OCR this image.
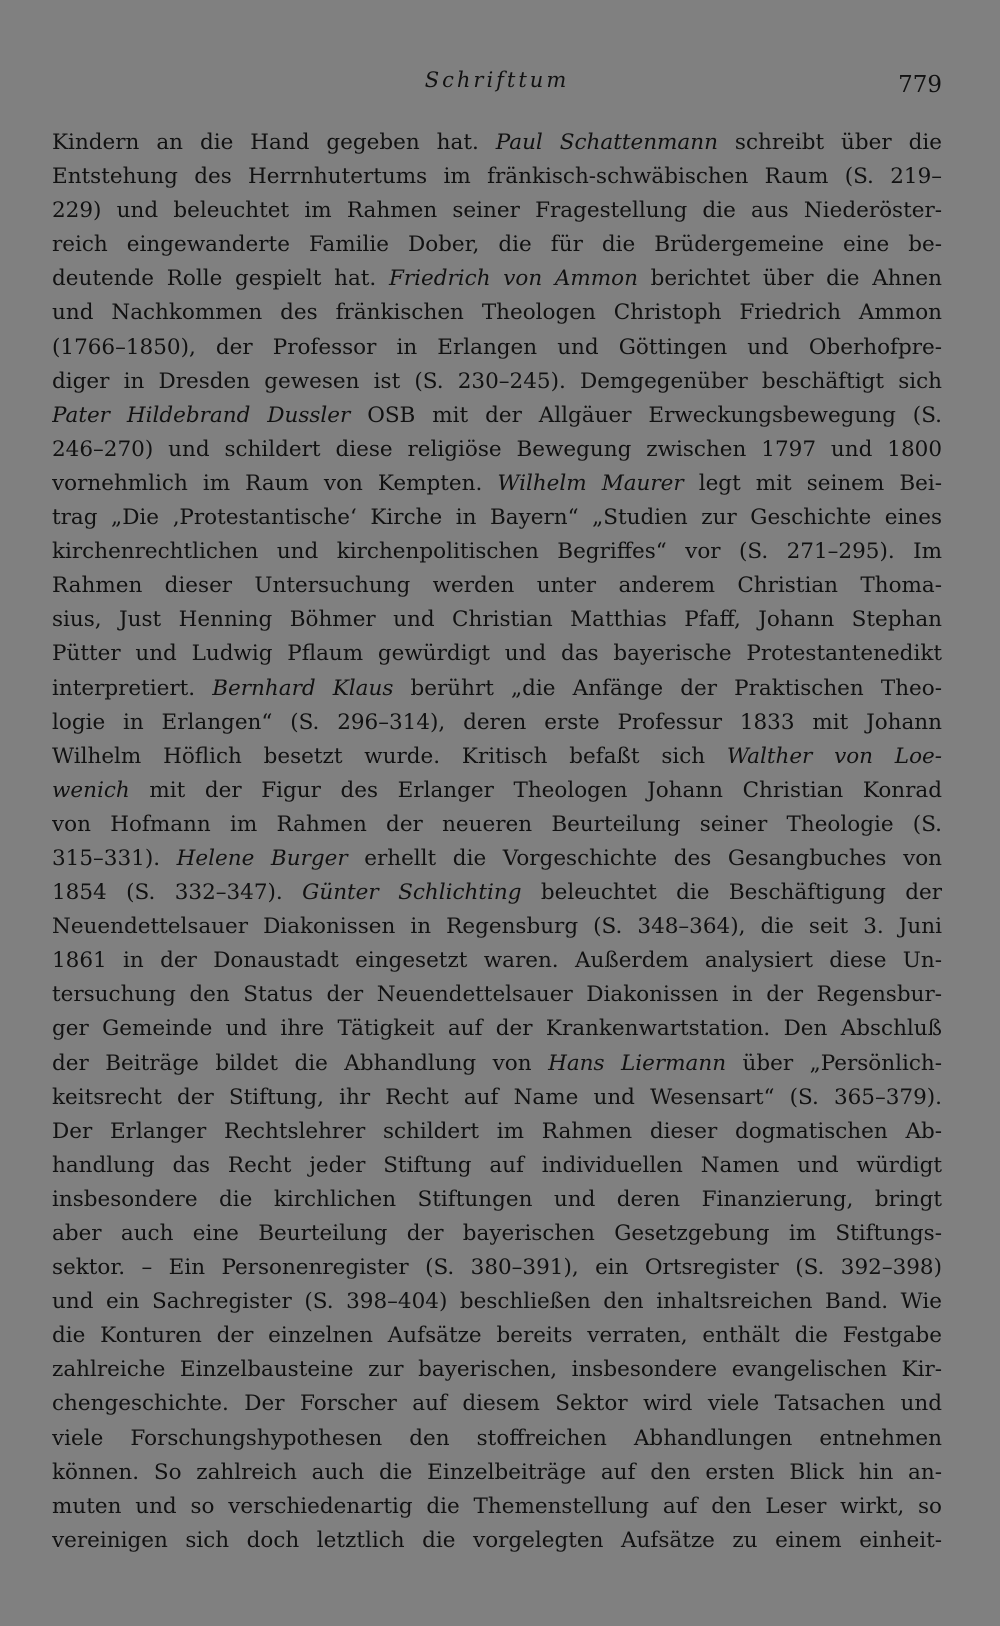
Schrifttum	779
Kindern an die Hand gegeben hat. Paul Schattenmann schreibt über die
Entstehung des Herrnhutertums im fränkisch-schwäbischen Raum (S. 219–
229) und beleuchtet im Rahmen seiner Fragestellung die aus Niederöster-
reich eingewanderte Familie Dober, die für die Brüdergemeine eine be-
deutende Rolle gespielt hat. Friedrich von Ammon berichtet über die Ahnen
und Nachkommen des fränkischen Theologen Christoph Friedrich Ammon
(1766–1850), der Professor in Erlangen und Göttingen und Oberhofpre-
diger in Dresden gewesen ist (S. 230–245). Demgegenüber beschäftigt sich
Pater Hildebrand Dussler OSB mit der Allgäuer Erweckungsbewegung (S.
246–270) und schildert diese religiöse Bewegung zwischen 1797 und 1800
vornehmlich im Raum von Kempten. Wilhelm Maurer legt mit seinem Bei-
trag „Die ‚Protestantische‘ Kirche in Bayern“ „Studien zur Geschichte eines
kirchenrechtlichen und kirchenpolitischen Begriffes“ vor (S. 271–295). Im
Rahmen dieser Untersuchung werden unter anderem Christian Thoma-
sius, Just Henning Böhmer und Christian Matthias Pfaff, Johann Stephan
Pütter und Ludwig Pflaum gewürdigt und das bayerische Protestantenedikt
interpretiert. Bernhard Klaus berührt „die Anfänge der Praktischen Theo-
logie in Erlangen“ (S. 296–314), deren erste Professur 1833 mit Johann
Wilhelm Höflich besetzt wurde. Kritisch befaßt sich Walther von Loe-
wenich mit der Figur des Erlanger Theologen Johann Christian Konrad
von Hofmann im Rahmen der neueren Beurteilung seiner Theologie (S.
315–331). Helene Burger erhellt die Vorgeschichte des Gesangbuches von
1854 (S. 332–347). Günter Schlichting beleuchtet die Beschäftigung der
Neuendettelsauer Diakonissen in Regensburg (S. 348–364), die seit 3. Juni
1861 in der Donaustadt eingesetzt waren. Außerdem analysiert diese Un-
tersuchung den Status der Neuendettelsauer Diakonissen in der Regensbur-
ger Gemeinde und ihre Tätigkeit auf der Krankenwartstation. Den Abschluß
der Beiträge bildet die Abhandlung von Hans Liermann über „Persönlich-
keitsrecht der Stiftung, ihr Recht auf Name und Wesensart“ (S. 365–379).
Der Erlanger Rechtslehrer schildert im Rahmen dieser dogmatischen Ab-
handlung das Recht jeder Stiftung auf individuellen Namen und würdigt
insbesondere die kirchlichen Stiftungen und deren Finanzierung, bringt
aber auch eine Beurteilung der bayerischen Gesetzgebung im Stiftungs-
sektor. – Ein Personenregister (S. 380–391), ein Ortsregister (S. 392–398)
und ein Sachregister (S. 398–404) beschließen den inhaltsreichen Band. Wie
die Konturen der einzelnen Aufsätze bereits verraten, enthält die Festgabe
zahlreiche Einzelbausteine zur bayerischen, insbesondere evangelischen Kir-
chengeschichte. Der Forscher auf diesem Sektor wird viele Tatsachen und
viele Forschungshypothesen den stoffreichen Abhandlungen entnehmen
können. So zahlreich auch die Einzelbeiträge auf den ersten Blick hin an-
muten und so verschiedenartig die Themenstellung auf den Leser wirkt, so
vereinigen sich doch letztlich die vorgelegten Aufsätze zu einem einheit-
